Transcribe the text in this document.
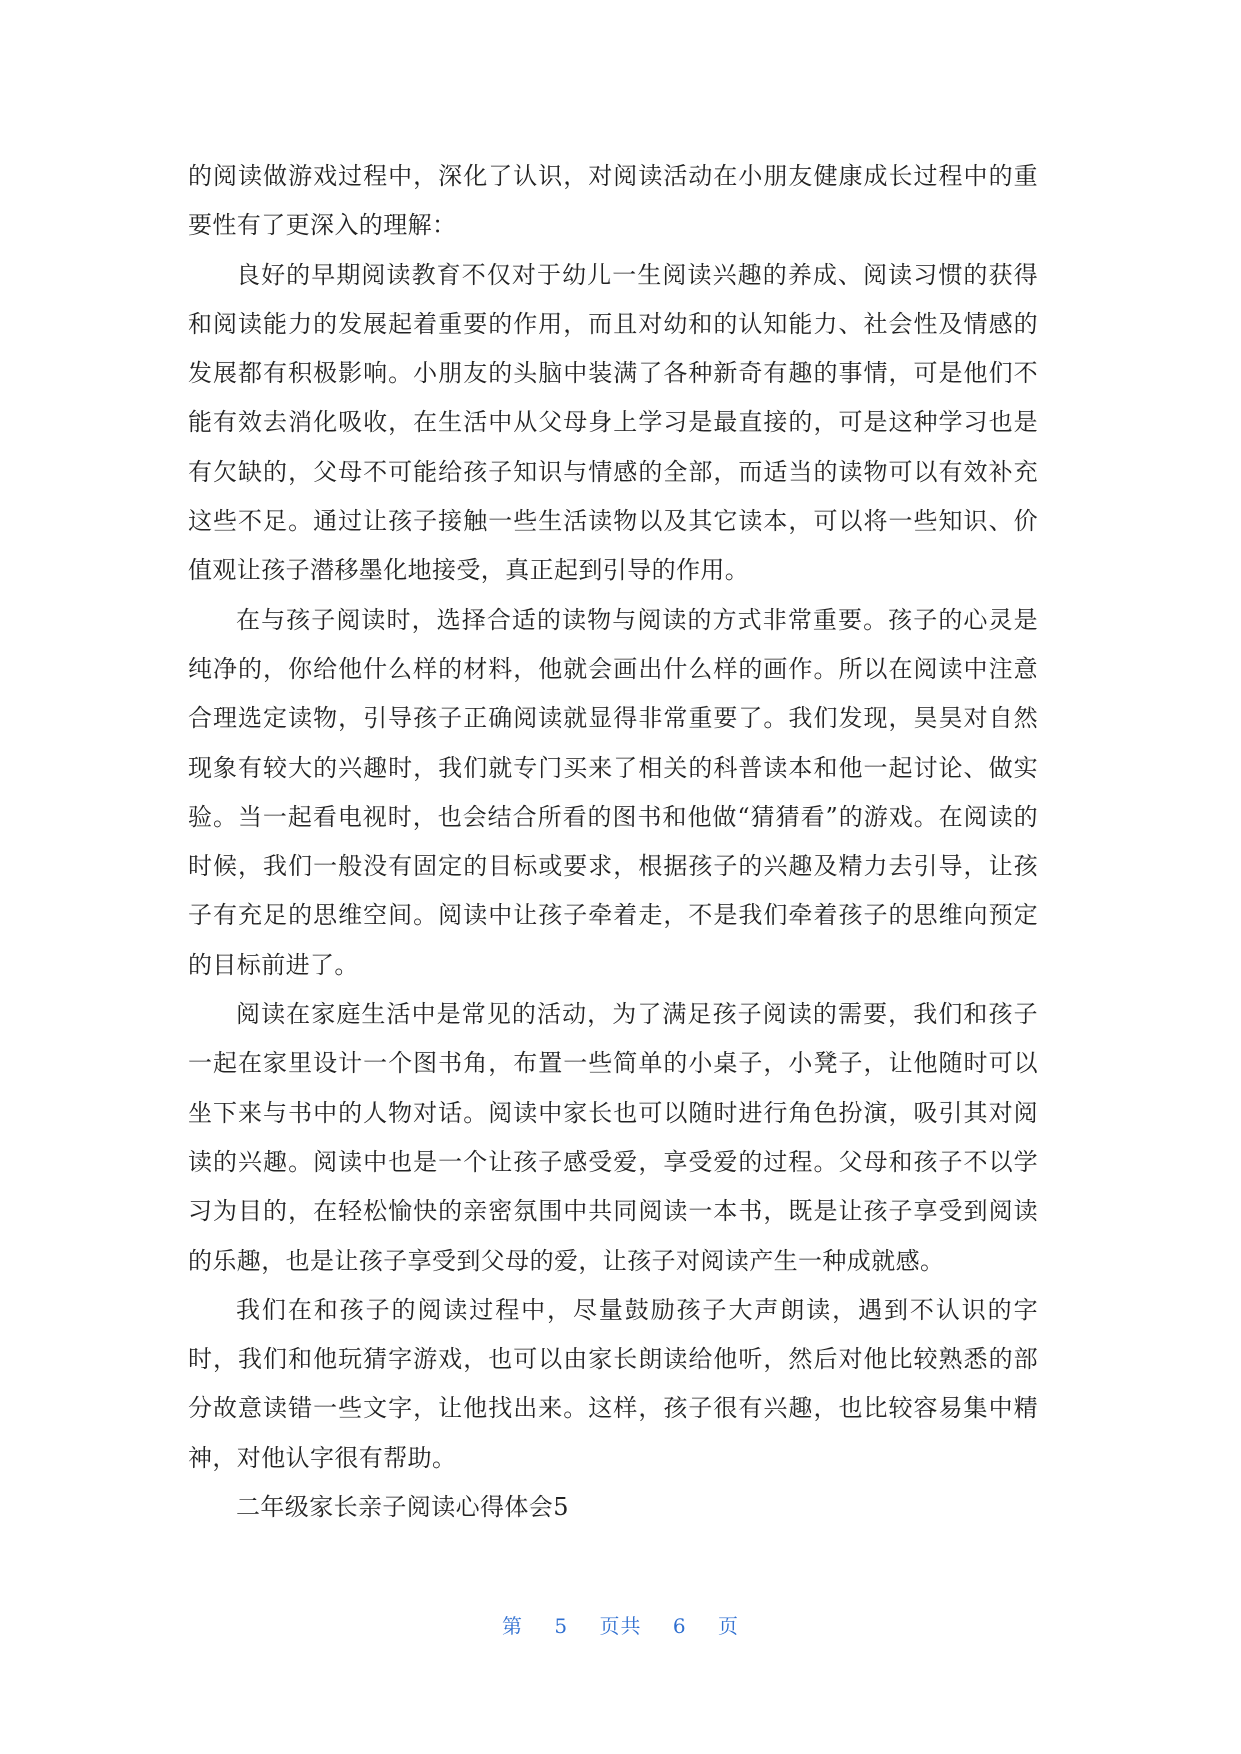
的阅读做游戏过程中，深化了认识，对阅读活动在小朋友健康成长过程中的重要性有了更深入的理解：

良好的早期阅读教育不仅对于幼儿一生阅读兴趣的养成、阅读习惯的获得和阅读能力的发展起着重要的作用，而且对幼和的认知能力、社会性及情感的发展都有积极影响。小朋友的头脑中装满了各种新奇有趣的事情，可是他们不能有效去消化吸收，在生活中从父母身上学习是最直接的，可是这种学习也是有欠缺的，父母不可能给孩子知识与情感的全部，而适当的读物可以有效补充这些不足。通过让孩子接触一些生活读物以及其它读本，可以将一些知识、价值观让孩子潜移墨化地接受，真正起到引导的作用。

在与孩子阅读时，选择合适的读物与阅读的方式非常重要。孩子的心灵是纯净的，你给他什么样的材料，他就会画出什么样的画作。所以在阅读中注意合理选定读物，引导孩子正确阅读就显得非常重要了。我们发现，昊昊对自然现象有较大的兴趣时，我们就专门买来了相关的科普读本和他一起讨论、做实验。当一起看电视时，也会结合所看的图书和他做“猜猜看”的游戏。在阅读的时候，我们一般没有固定的目标或要求，根据孩子的兴趣及精力去引导，让孩子有充足的思维空间。阅读中让孩子牵着走，不是我们牵着孩子的思维向预定的目标前进了。

阅读在家庭生活中是常见的活动，为了满足孩子阅读的需要，我们和孩子一起在家里设计一个图书角，布置一些简单的小桌子，小凳子，让他随时可以坐下来与书中的人物对话。阅读中家长也可以随时进行角色扮演，吸引其对阅读的兴趣。阅读中也是一个让孩子感受爱，享受爱的过程。父母和孩子不以学习为目的，在轻松愉快的亲密氛围中共同阅读一本书，既是让孩子享受到阅读的乐趣，也是让孩子享受到父母的爱，让孩子对阅读产生一种成就感。

我们在和孩子的阅读过程中，尽量鼓励孩子大声朗读，遇到不认识的字时，我们和他玩猜字游戏，也可以由家长朗读给他听，然后对他比较熟悉的部分故意读错一些文字，让他找出来。这样，孩子很有兴趣，也比较容易集中精神，对他认字很有帮助。

二年级家长亲子阅读心得体会5

第 5 页共 6 页
